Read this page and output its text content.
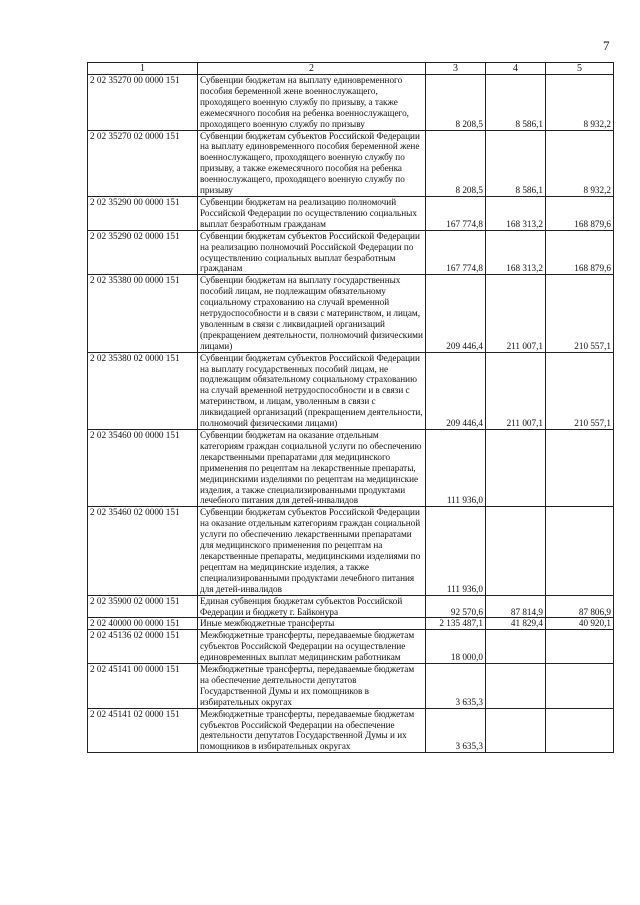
7
1	2	3	4	5
2 02 35270 00 0000 151	Субвенции бюджетам на выплату единовременного пособия беременной жене военнослужащего, проходящего военную службу по призыву, а также ежемесячного пособия на ребенка военнослужащего, проходящего военную службу по призыву	8 208,5	8 586,1	8 932,2
2 02 35270 02 0000 151	Субвенции бюджетам субъектов Российской Федерации на выплату единовременного пособия беременной жене военнослужащего, проходящего военную службу по призыву, а также ежемесячного пособия на ребенка военнослужащего, проходящего военную службу по призыву	8 208,5	8 586,1	8 932,2
2 02 35290 00 0000 151	Субвенции бюджетам на реализацию полномочий Российской Федерации по осуществлению социальных выплат безработным гражданам	167 774,8	168 313,2	168 879,6
2 02 35290 02 0000 151	Субвенции бюджетам субъектов Российской Федерации на реализацию полномочий Российской Федерации по осуществлению социальных выплат безработным гражданам	167 774,8	168 313,2	168 879,6
2 02 35380 00 0000 151	Субвенции бюджетам на выплату государственных пособий лицам, не подлежащим обязательному социальному страхованию на случай временной нетрудоспособности и в связи с материнством, и лицам, уволенным в связи с ликвидацией организаций (прекращением деятельности, полномочий физическими лицами)	209 446,4	211 007,1	210 557,1
2 02 35380 02 0000 151	Субвенции бюджетам субъектов Российской Федерации на выплату государственных пособий лицам, не подлежащим обязательному социальному страхованию на случай временной нетрудоспособности и в связи с материнством, и лицам, уволенным в связи с ликвидацией организаций (прекращением деятельности, полномочий физическими лицами)	209 446,4	211 007,1	210 557,1
2 02 35460 00 0000 151	Субвенции бюджетам на оказание отдельным категориям граждан социальной услуги по обеспечению лекарственными препаратами для медицинского применения по рецептам на лекарственные препараты, медицинскими изделиями по рецептам на медицинские изделия, а также специализированными продуктами лечебного питания для детей-инвалидов	111 936,0		
2 02 35460 02 0000 151	Субвенции бюджетам субъектов Российской Федерации на оказание отдельным категориям граждан социальной услуги по обеспечению лекарственными препаратами для медицинского применения по рецептам на лекарственные препараты, медицинскими изделиями по рецептам на медицинские изделия, а также специализированными продуктами лечебного питания для детей-инвалидов	111 936,0		
2 02 35900 02 0000 151	Единая субвенция бюджетам субъектов Российской Федерации и бюджету г. Байконура	92 570,6	87 814,9	87 806,9
2 02 40000 00 0000 151	Иные межбюджетные трансферты	2 135 487,1	41 829,4	40 920,1
2 02 45136 02 0000 151	Межбюджетные трансферты, передаваемые бюджетам субъектов Российской Федерации на осуществление единовременных выплат медицинским работникам	18 000,0		
2 02 45141 00 0000 151	Межбюджетные трансферты, передаваемые бюджетам на обеспечение деятельности депутатов Государственной Думы и их помощников в избирательных округах	3 635,3		
2 02 45141 02 0000 151	Межбюджетные трансферты, передаваемые бюджетам субъектов Российской Федерации на обеспечение деятельности депутатов Государственной Думы и их помощников в избирательных округах	3 635,3		
